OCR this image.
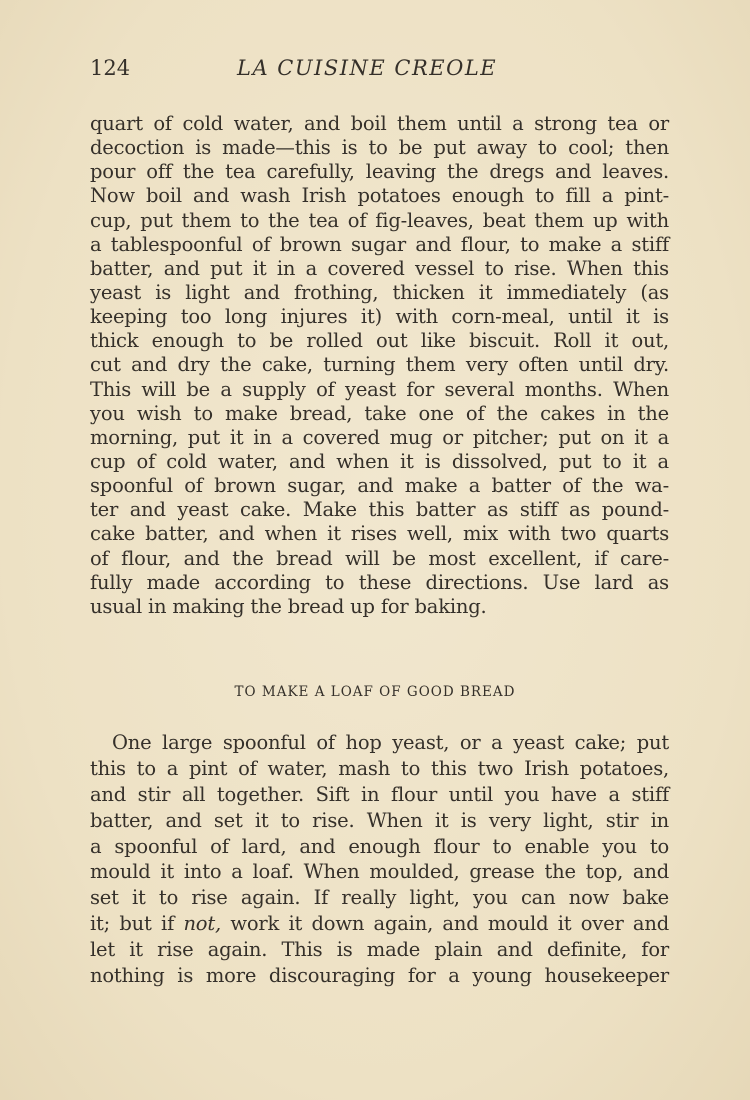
124	LA CUISINE CREOLE
quart of cold water, and boil them until a strong tea or
decoction is made—this is to be put away to cool; then
pour off the tea carefully, leaving the dregs and leaves.
Now boil and wash Irish potatoes enough to fill a pint-
cup, put them to the tea of fig-leaves, beat them up with
a tablespoonful of brown sugar and flour, to make a stiff
batter, and put it in a covered vessel to rise. When this
yeast is light and frothing, thicken it immediately (as
keeping too long injures it) with corn-meal, until it is
thick enough to be rolled out like biscuit. Roll it out,
cut and dry the cake, turning them very often until dry.
This will be a supply of yeast for several months. When
you wish to make bread, take one of the cakes in the
morning, put it in a covered mug or pitcher; put on it a
cup of cold water, and when it is dissolved, put to it a
spoonful of brown sugar, and make a batter of the wa-
ter and yeast cake. Make this batter as stiff as pound-
cake batter, and when it rises well, mix with two quarts
of flour, and the bread will be most excellent, if care-
fully made according to these directions. Use lard as
usual in making the bread up for baking.
TO MAKE A LOAF OF GOOD BREAD
One large spoonful of hop yeast, or a yeast cake; put
this to a pint of water, mash to this two Irish potatoes,
and stir all together. Sift in flour until you have a stiff
batter, and set it to rise. When it is very light, stir in
a spoonful of lard, and enough flour to enable you to
mould it into a loaf. When moulded, grease the top, and
set it to rise again. If really light, you can now bake
it; but if not, work it down again, and mould it over and
let it rise again. This is made plain and definite, for
nothing is more discouraging for a young housekeeper
